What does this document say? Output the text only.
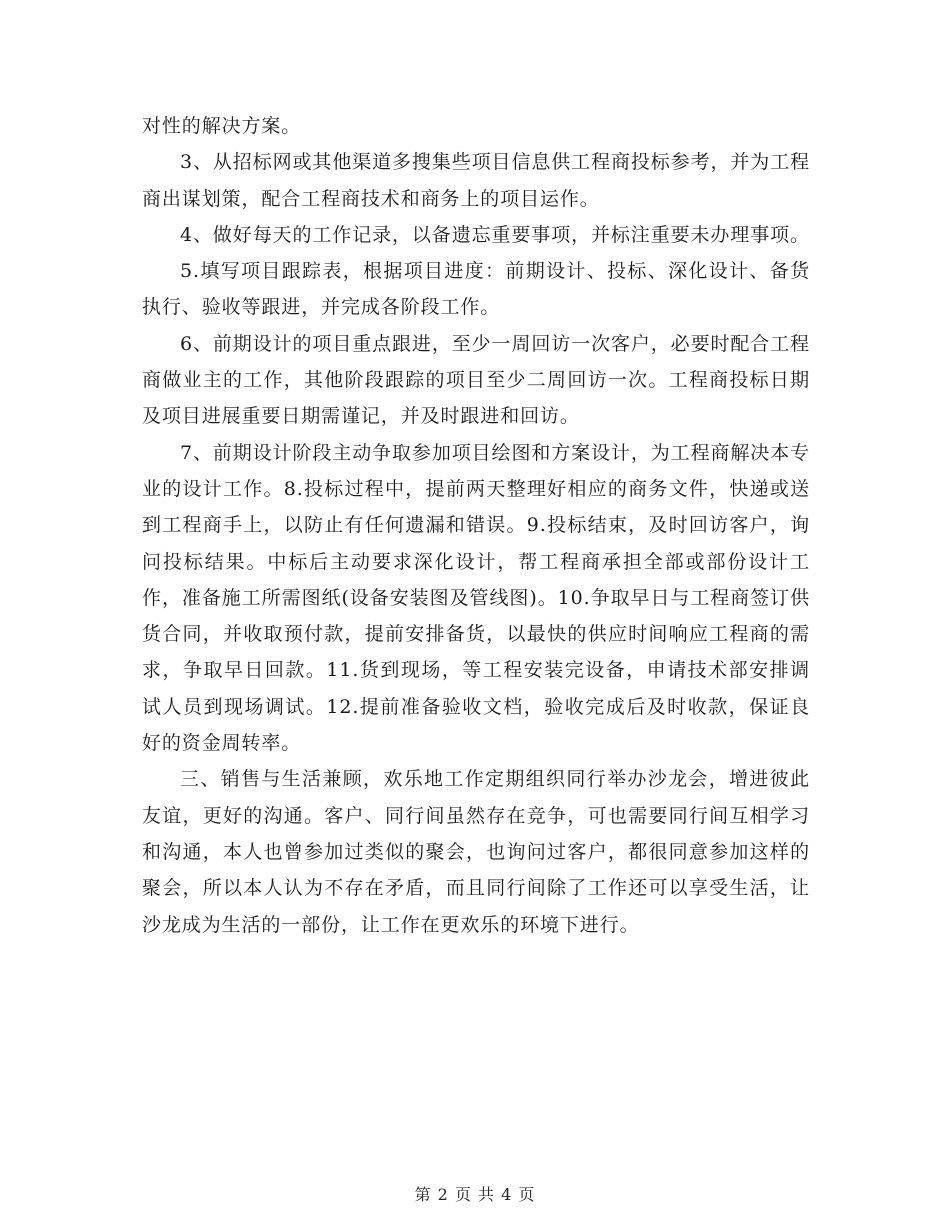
对性的解决方案。

3、从招标网或其他渠道多搜集些项目信息供工程商投标参考，并为工程商出谋划策，配合工程商技术和商务上的项目运作。

4、做好每天的工作记录，以备遗忘重要事项，并标注重要未办理事项。

5.填写项目跟踪表，根据项目进度：前期设计、投标、深化设计、备货执行、验收等跟进，并完成各阶段工作。

6、前期设计的项目重点跟进，至少一周回访一次客户，必要时配合工程商做业主的工作，其他阶段跟踪的项目至少二周回访一次。工程商投标日期及项目进展重要日期需谨记，并及时跟进和回访。

7、前期设计阶段主动争取参加项目绘图和方案设计，为工程商解决本专业的设计工作。8.投标过程中，提前两天整理好相应的商务文件，快递或送到工程商手上，以防止有任何遗漏和错误。9.投标结束，及时回访客户，询问投标结果。中标后主动要求深化设计，帮工程商承担全部或部份设计工作，准备施工所需图纸(设备安装图及管线图)。10.争取早日与工程商签订供货合同，并收取预付款，提前安排备货，以最快的供应时间响应工程商的需求，争取早日回款。11.货到现场，等工程安装完设备，申请技术部安排调试人员到现场调试。12.提前准备验收文档，验收完成后及时收款，保证良好的资金周转率。

三、销售与生活兼顾，欢乐地工作定期组织同行举办沙龙会，增进彼此友谊，更好的沟通。客户、同行间虽然存在竞争，可也需要同行间互相学习和沟通，本人也曾参加过类似的聚会，也询问过客户，都很同意参加这样的聚会，所以本人认为不存在矛盾，而且同行间除了工作还可以享受生活，让沙龙成为生活的一部份，让工作在更欢乐的环境下进行。

第 2 页 共 4 页
